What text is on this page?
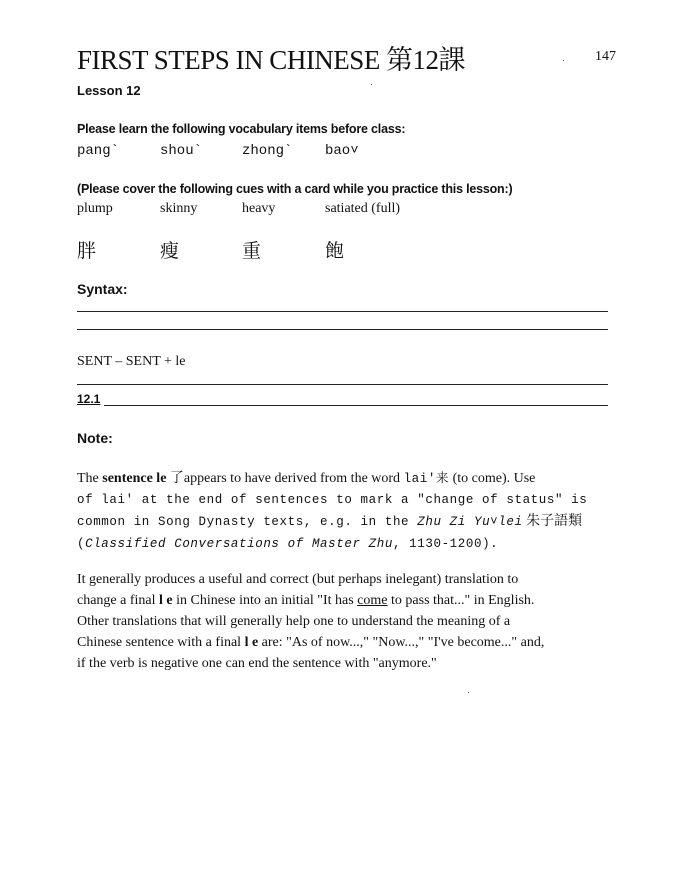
FIRST STEPS IN CHINESE 第12課	147
Lesson 12
Please learn the following vocabulary items before class:
pang`	shou`	zhong` bao˅
(Please cover the following cues with a card while you practice this lesson:)
plump	skinny	heavy	satiated (full)
胖	瘦	重	飽
Syntax:
SENT – SENT + le
12.1
Note:

The sentence le 了appears to have derived from the word lai′来 (to come). Use

of lai′ at the end of sentences to mark a "change of status" is

common in Song Dynasty texts, e.g. in the Zhu Zi Yu˅lei 朱子語類

(Classified Conversations of Master Zhu, 1130-1200).

It generally produces a useful and correct (but perhaps inelegant) translation to

change a final l e in Chinese into an initial "It has come to pass that..." in English.

Other translations that will generally help one to understand the meaning of a

Chinese sentence with a final l e are: "As of now...," "Now...," "I've become..." and,

if the verb is negative one can end the sentence with "anymore."
